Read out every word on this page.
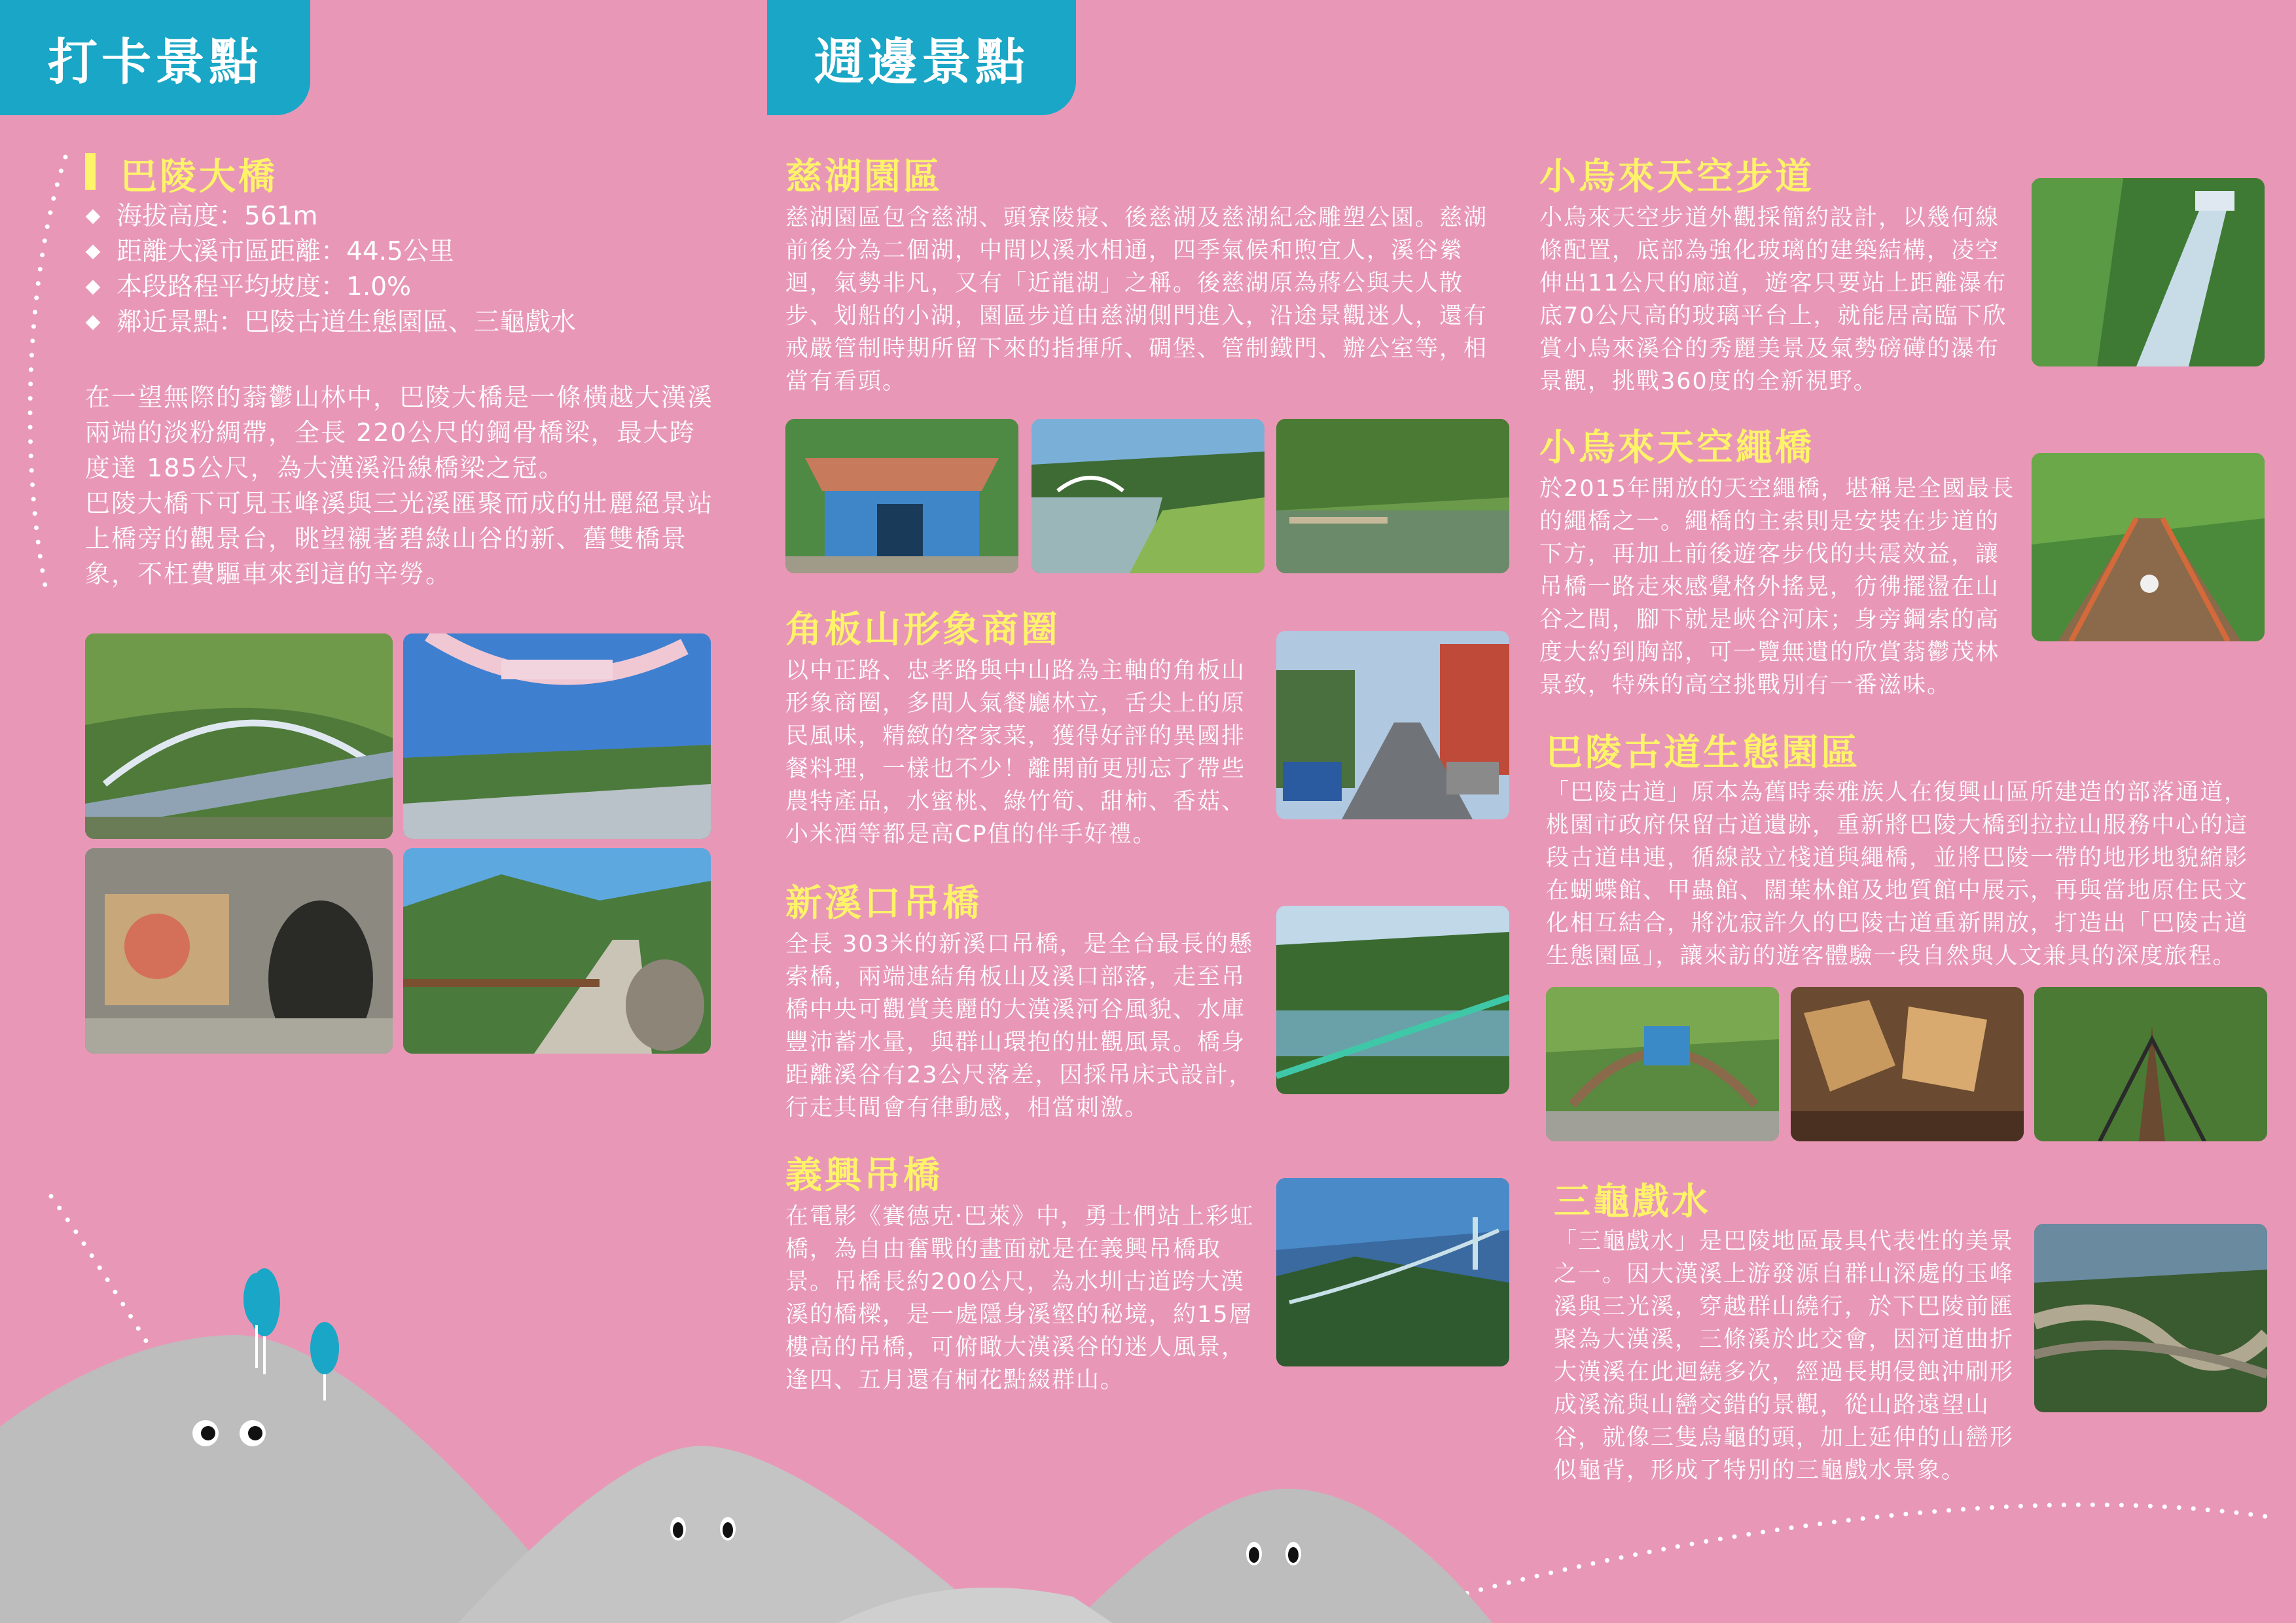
打卡景點	週邊景點
巴陵大橋
海拔高度：561m
距離大溪市區距離：44.5公里
本段路程平均坡度：1.0%
鄰近景點：巴陵古道生態園區、三龜戲水

在一望無際的蓊鬱山林中，巴陵大橋是一條橫越大漢溪兩端的淡粉綢帶，全長 220公尺的鋼骨橋梁，最大跨度達 185公尺，為大漢溪沿線橋梁之冠。

巴陵大橋下可見玉峰溪與三光溪匯聚而成的壯麗絕景站上橋旁的觀景台，眺望襯著碧綠山谷的新、舊雙橋景象，不枉費驅車來到這的辛勞。

慈湖園區
慈湖園區包含慈湖、頭寮陵寢、後慈湖及慈湖紀念雕塑公園。慈湖前後分為二個湖，中間以溪水相通，四季氣候和煦宜人，溪谷縈迴，氣勢非凡，又有「近龍湖」之稱。後慈湖原為蔣公與夫人散步、划船的小湖，園區步道由慈湖側門進入，沿途景觀迷人，還有戒嚴管制時期所留下來的指揮所、碉堡、管制鐵門、辦公室等，相當有看頭。
角板山形象商圈
以中正路、忠孝路與中山路為主軸的角板山形象商圈，多間人氣餐廳林立，舌尖上的原民風味，精緻的客家菜，獲得好評的異國排餐料理，一樣也不少！離開前更別忘了帶些農特產品，水蜜桃、綠竹筍、甜柿、香菇、小米酒等都是高CP值的伴手好禮。
新溪口吊橋
全長 303米的新溪口吊橋，是全台最長的懸索橋，兩端連結角板山及溪口部落，走至吊橋中央可觀賞美麗的大漢溪河谷風貌、水庫豐沛蓄水量，與群山環抱的壯觀風景。橋身距離溪谷有23公尺落差，因採吊床式設計，行走其間會有律動感，相當刺激。
義興吊橋
在電影《賽德克‧巴萊》中，勇士們站上彩虹橋，為自由奮戰的畫面就是在義興吊橋取景。吊橋長約200公尺，為水圳古道跨大漢溪的橋樑，是一處隱身溪壑的秘境，約15層樓高的吊橋，可俯瞰大漢溪谷的迷人風景，逢四、五月還有桐花點綴群山。
小烏來天空步道
小烏來天空步道外觀採簡約設計，以幾何線條配置，底部為強化玻璃的建築結構，凌空伸出11公尺的廊道，遊客只要站上距離瀑布底70公尺高的玻璃平台上，就能居高臨下欣賞小烏來溪谷的秀麗美景及氣勢磅礡的瀑布景觀，挑戰360度的全新視野。
小烏來天空繩橋
於2015年開放的天空繩橋，堪稱是全國最長的繩橋之一。繩橋的主索則是安裝在步道的下方，再加上前後遊客步伐的共震效益，讓吊橋一路走來感覺格外搖晃，彷彿擺盪在山谷之間，腳下就是峽谷河床；身旁鋼索的高度大約到胸部，可一覽無遺的欣賞蓊鬱茂林景致，特殊的高空挑戰別有一番滋味。
巴陵古道生態園區
「巴陵古道」原本為舊時泰雅族人在復興山區所建造的部落通道，桃園市政府保留古道遺跡，重新將巴陵大橋到拉拉山服務中心的這段古道串連，循線設立棧道與繩橋，並將巴陵一帶的地形地貌縮影在蝴蝶館、甲蟲館、闊葉林館及地質館中展示，再與當地原住民文化相互結合，將沈寂許久的巴陵古道重新開放，打造出「巴陵古道生態園區」，讓來訪的遊客體驗一段自然與人文兼具的深度旅程。
三龜戲水
「三龜戲水」是巴陵地區最具代表性的美景之一。因大漢溪上游發源自群山深處的玉峰溪與三光溪，穿越群山繞行，於下巴陵前匯聚為大漢溪，三條溪於此交會，因河道曲折大漢溪在此迴繞多次，經過長期侵蝕沖刷形成溪流與山巒交錯的景觀，從山路遠望山谷，就像三隻烏龜的頭，加上延伸的山巒形似龜背，形成了特別的三龜戲水景象。
